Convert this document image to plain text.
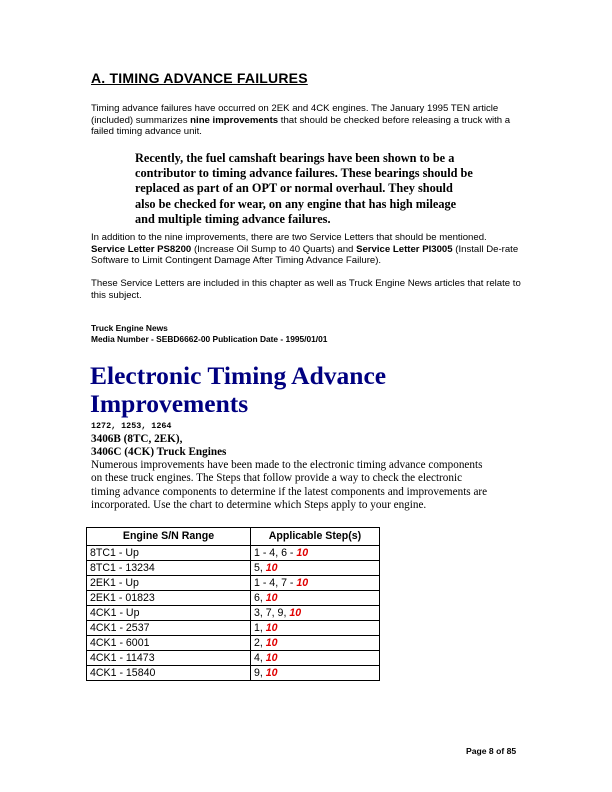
A. TIMING ADVANCE FAILURES
Timing advance failures have occurred on 2EK and 4CK engines. The January 1995 TEN article (included) summarizes nine improvements that should be checked before releasing a truck with a failed timing advance unit.
Recently, the fuel camshaft bearings have been shown to be a
contributor to timing advance failures. These bearings should be
replaced as part of an OPT or normal overhaul. They should
also be checked for wear, on any engine that has high mileage
and multiple timing advance failures.
In addition to the nine improvements, there are two Service Letters that should be mentioned. Service Letter PS8200 (Increase Oil Sump to 40 Quarts) and Service Letter PI3005 (Install De-rate Software to Limit Contingent Damage After Timing Advance Failure).
These Service Letters are included in this chapter as well as Truck Engine News articles that relate to this subject.
Truck Engine News
Media Number - SEBD6662-00 Publication Date - 1995/01/01
Electronic Timing Advance
Improvements
1272, 1253, 1264
3406B (8TC, 2EK),
3406C (4CK) Truck Engines
Numerous improvements have been made to the electronic timing advance components
on these truck engines. The Steps that follow provide a way to check the electronic
timing advance components to determine if the latest components and improvements are
incorporated. Use the chart to determine which Steps apply to your engine.
Engine S/N Range	Applicable Step(s)
8TC1 - Up	1 - 4, 6 - 10
8TC1 - 13234	5, 10
2EK1 - Up	1 - 4, 7 - 10
2EK1 - 01823	6, 10
4CK1 - Up	3, 7, 9, 10
4CK1 - 2537	1, 10
4CK1 - 6001	2, 10
4CK1 - 11473	4, 10
4CK1 - 15840	9, 10
Page 8 of 85
